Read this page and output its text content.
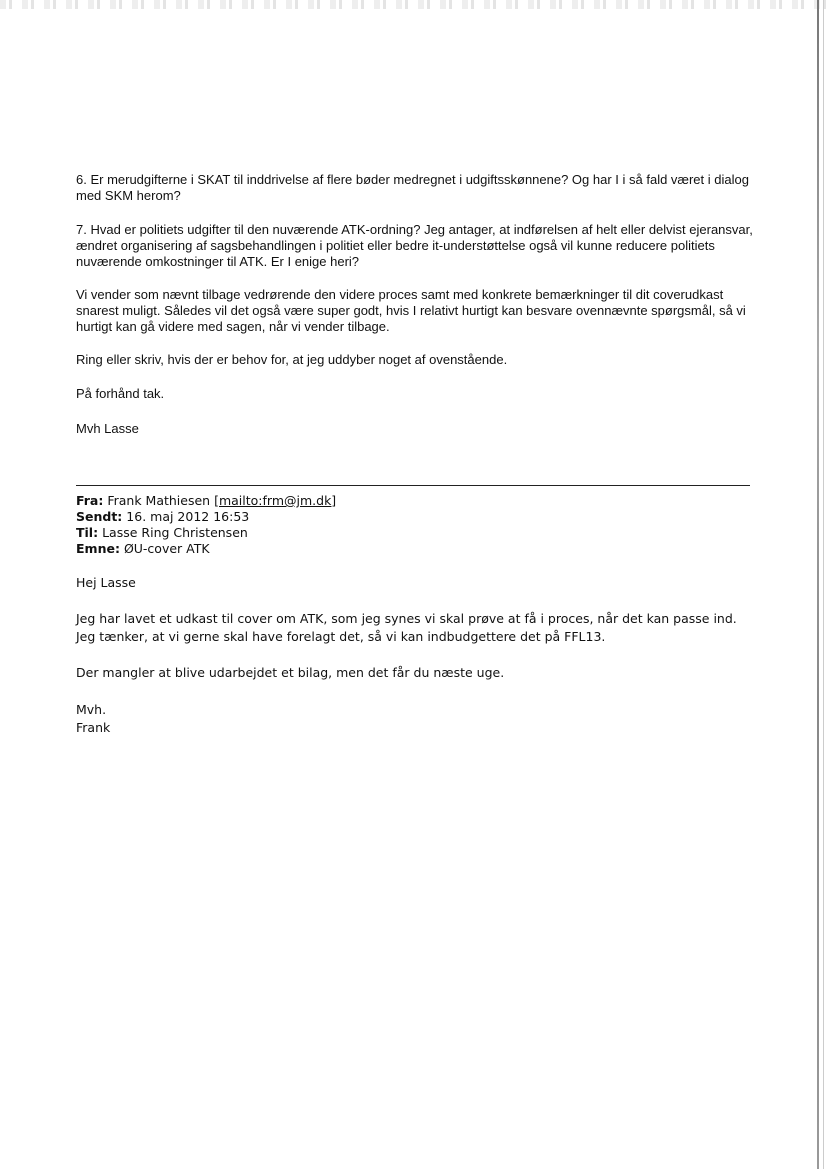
6. Er merudgifterne i SKAT til inddrivelse af flere bøder medregnet i udgiftsskønnene? Og har I i så fald været i dialog med SKM herom?

7. Hvad er politiets udgifter til den nuværende ATK-ordning? Jeg antager, at indførelsen af helt eller delvist ejeransvar, ændret organisering af sagsbehandlingen i politiet eller bedre it-understøttelse også vil kunne reducere politiets nuværende omkostninger til ATK. Er I enige heri?

Vi vender som nævnt tilbage vedrørende den videre proces samt med konkrete bemærkninger til dit coverudkast snarest muligt. Således vil det også være super godt, hvis I relativt hurtigt kan besvare ovennævnte spørgsmål, så vi hurtigt kan gå videre med sagen, når vi vender tilbage.

Ring eller skriv, hvis der er behov for, at jeg uddyber noget af ovenstående.

På forhånd tak.

Mvh Lasse

Fra: Frank Mathiesen [mailto:frm@jm.dk]
Sendt: 16. maj 2012 16:53
Til: Lasse Ring Christensen
Emne: ØU-cover ATK

Hej Lasse

Jeg har lavet et udkast til cover om ATK, som jeg synes vi skal prøve at få i proces, når det kan passe ind. Jeg tænker, at vi gerne skal have forelagt det, så vi kan indbudgettere det på FFL13.

Der mangler at blive udarbejdet et bilag, men det får du næste uge.

Mvh.

Frank
